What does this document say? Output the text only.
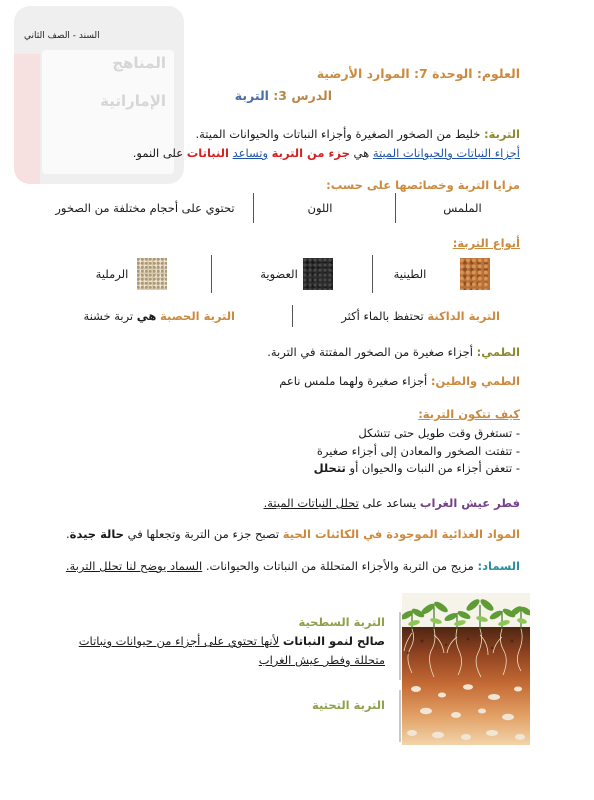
المناهج
الإماراتية
السند - الصف الثاني
العلوم: الوحدة 7: الموارد الأرضية
الدرس 3: التربة
التربة: خليط من الصخور الصغيرة وأجزاء النباتات والحيوانات الميتة.
أجزاء النباتات والحيوانات الميتة هي جزء من التربة وتساعد النباتات على النمو.
مزايا التربة وخصائصها على حسب:
الملمس
اللون
تحتوي على أحجام مختلفة من الصخور
أنواع التربة:
الطينية
العضوية
الرملية
التربة الداكنة تحتفظ بالماء أكثر
التربة الحصبة هي تربة خشنة
الطمي: أجزاء صغيرة من الصخور المفتتة في التربة.
الطمي والطين: أجزاء صغيرة ولهما ملمس ناعم
كيف تتكون التربة:
- تستغرق وقت طويل حتى تتشكل
- تتفتت الصخور والمعادن إلى أجزاء صغيرة
- تتعفن أجزاء من النبات والحيوان أو تتحلل
فطر عيش الغراب يساعد على تحلل النباتات الميتة.
المواد الغذائية الموجودة في الكائنات الحية تصبح جزء من التربة وتجعلها في حالة جيدة.
السماد: مزيج من التربة والأجزاء المتحللة من النباتات والحيوانات. السماد يوضح لنا تحلل التربة.
التربة السطحية
صالح لنمو النباتات لأنها تحتوي على أجزاء من حيوانات ونباتات
متحللة وفطر عيش الغراب
التربة التحتية
